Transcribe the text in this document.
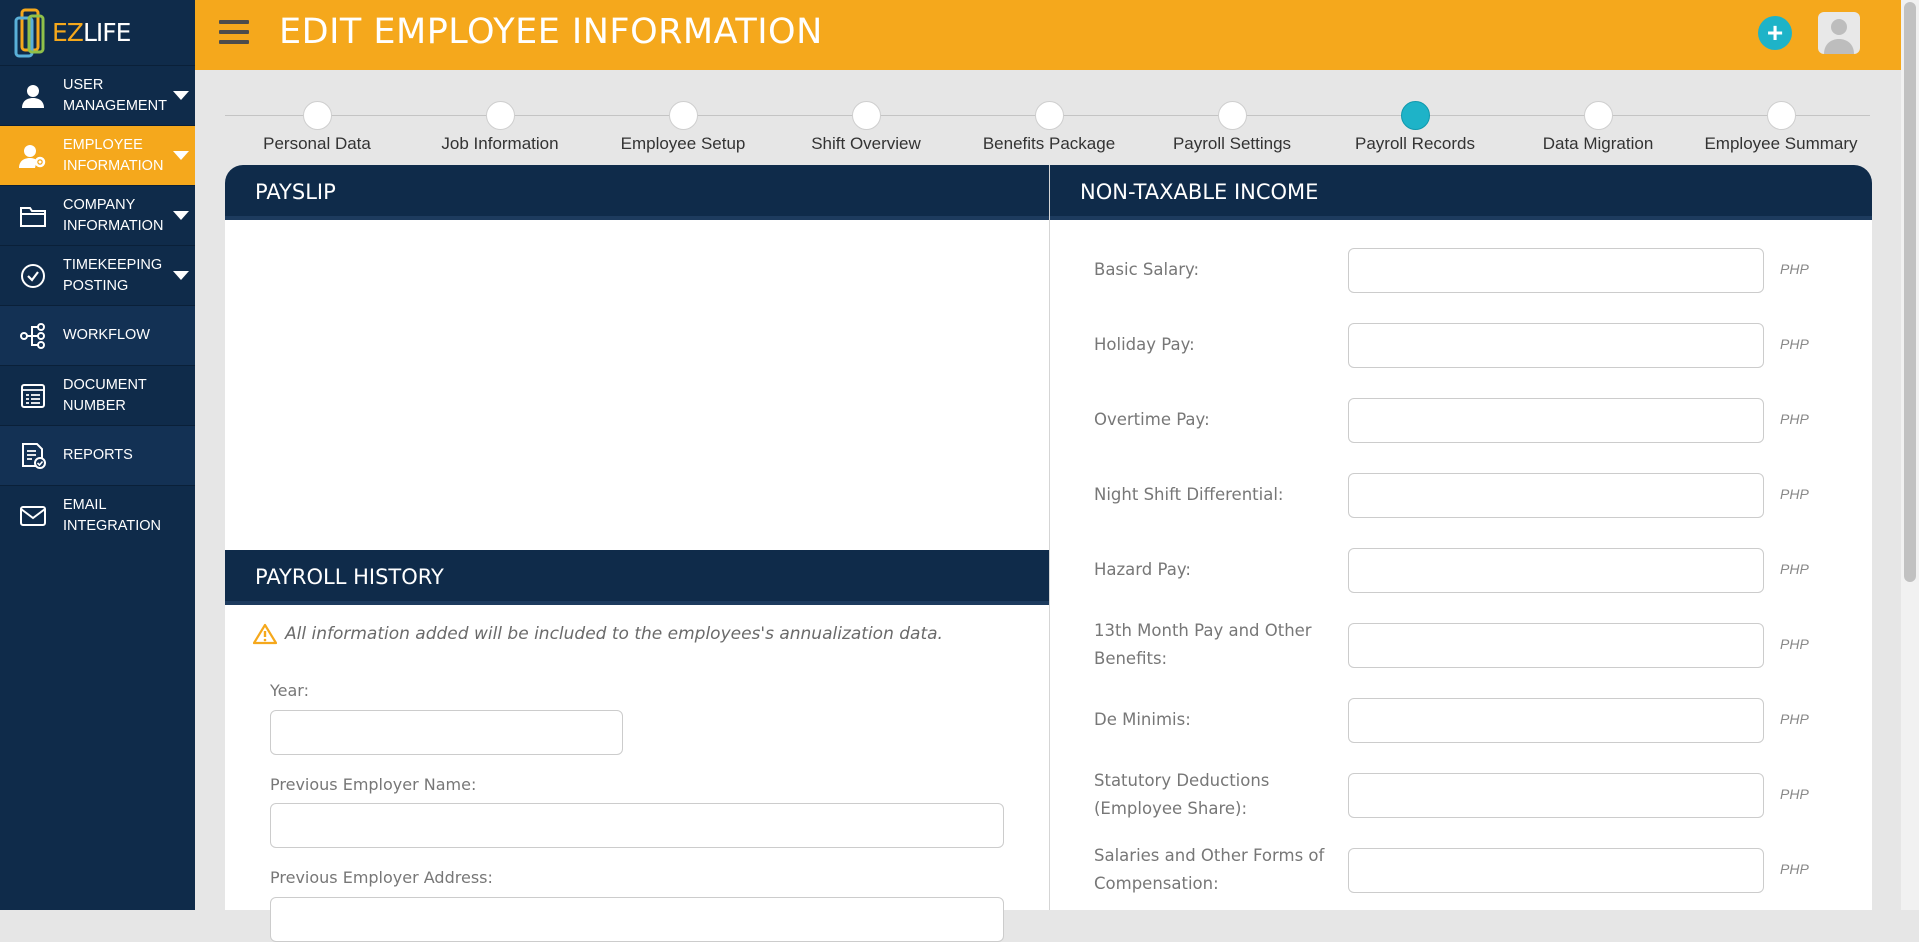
EZLIFE
USER MANAGEMENT
EMPLOYEE INFORMATION
COMPANY INFORMATION
TIMEKEEPING POSTING
WORKFLOW
DOCUMENT NUMBER
REPORTS
EMAIL INTEGRATION
EDIT EMPLOYEE INFORMATION	+
Personal Data	Job Information	Employee Setup	Shift Overview	Benefits Package	Payroll Settings	Payroll Records	Data Migration	Employee Summary
PAYSLIP	NON-TAXABLE INCOME
Basic Salary:	PHP
Holiday Pay:	PHP
Overtime Pay:	PHP
Night Shift Differential:	PHP
Hazard Pay:	PHP
13th Month Pay and Other Benefits:
PHP
De Minimis:	PHP
Statutory Deductions (Employee Share):
PHP
Salaries and Other Forms of Compensation:
PHP
PAYROLL HISTORY
All information added will be included to the employees's annualization data.
Year:
Previous Employer Name:
Previous Employer Address:
